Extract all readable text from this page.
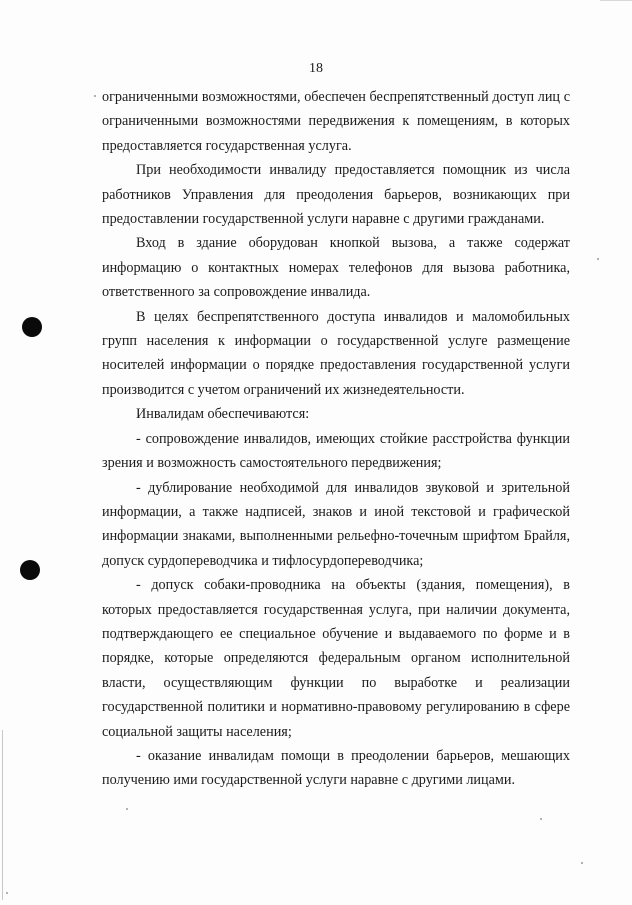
18

ограниченными возможностями, обеспечен беспрепятственный доступ лиц с ограниченными возможностями передвижения к помещениям, в которых предоставляется государственная услуга.

При необходимости инвалиду предоставляется помощник из числа работников Управления для преодоления барьеров, возникающих при предоставлении государственной услуги наравне с другими гражданами.

Вход в здание оборудован кнопкой вызова, а также содержат информацию о контактных номерах телефонов для вызова работника, ответственного за сопровождение инвалида.

В целях беспрепятственного доступа инвалидов и маломобильных групп населения к информации о государственной услуге размещение носителей информации о порядке предоставления государственной услуги производится с учетом ограничений их жизнедеятельности.

Инвалидам обеспечиваются:

- сопровождение инвалидов, имеющих стойкие расстройства функции зрения и возможность самостоятельного передвижения;

- дублирование необходимой для инвалидов звуковой и зрительной информации, а также надписей, знаков и иной текстовой и графической информации знаками, выполненными рельефно-точечным шрифтом Брайля, допуск сурдопереводчика и тифлосурдопереводчика;

- допуск собаки-проводника на объекты (здания, помещения), в которых предоставляется государственная услуга, при наличии документа, подтверждающего ее специальное обучение и выдаваемого по форме и в порядке, которые определяются федеральным органом исполнительной власти, осуществляющим функции по выработке и реализации государственной политики и нормативно-правовому регулированию в сфере социальной защиты населения;

- оказание инвалидам помощи в преодолении барьеров, мешающих получению ими государственной услуги наравне с другими лицами.
